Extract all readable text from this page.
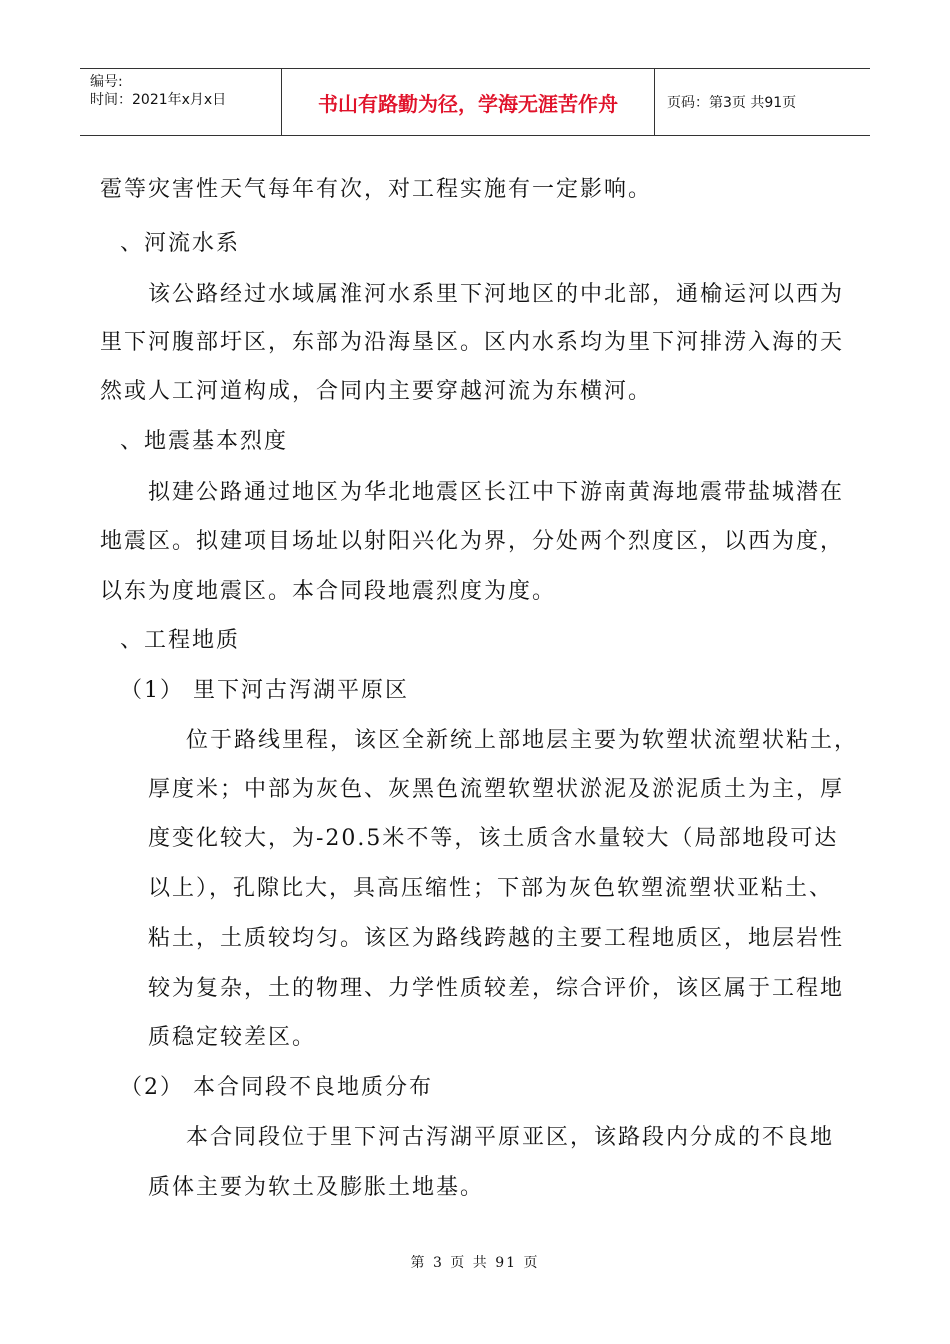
编号:
时间：2021年x月x日	书山有路勤为径，学海无涯苦作舟	页码：第3页 共91页
雹等灾害性天气每年有次，对工程实施有一定影响。
、河流水系
该公路经过水域属淮河水系里下河地区的中北部，通榆运河以西为
里下河腹部圩区，东部为沿海垦区。区内水系均为里下河排涝入海的天
然或人工河道构成，合同内主要穿越河流为东横河。
、地震基本烈度
拟建公路通过地区为华北地震区长江中下游南黄海地震带盐城潜在
地震区。拟建项目场址以射阳兴化为界，分处两个烈度区，以西为度，
以东为度地震区。本合同段地震烈度为度。
、工程地质
（1） 里下河古泻湖平原区
位于路线里程，该区全新统上部地层主要为软塑状流塑状粘土，
厚度米；中部为灰色、灰黑色流塑软塑状淤泥及淤泥质土为主，厚
度变化较大，为-20.5米不等，该土质含水量较大（局部地段可达
以上），孔隙比大，具高压缩性；下部为灰色软塑流塑状亚粘土、
粘土，土质较均匀。该区为路线跨越的主要工程地质区，地层岩性
较为复杂，土的物理、力学性质较差，综合评价，该区属于工程地
质稳定较差区。
（2） 本合同段不良地质分布
本合同段位于里下河古泻湖平原亚区，该路段内分成的不良地
质体主要为软土及膨胀土地基。
第 3 页 共 91 页
